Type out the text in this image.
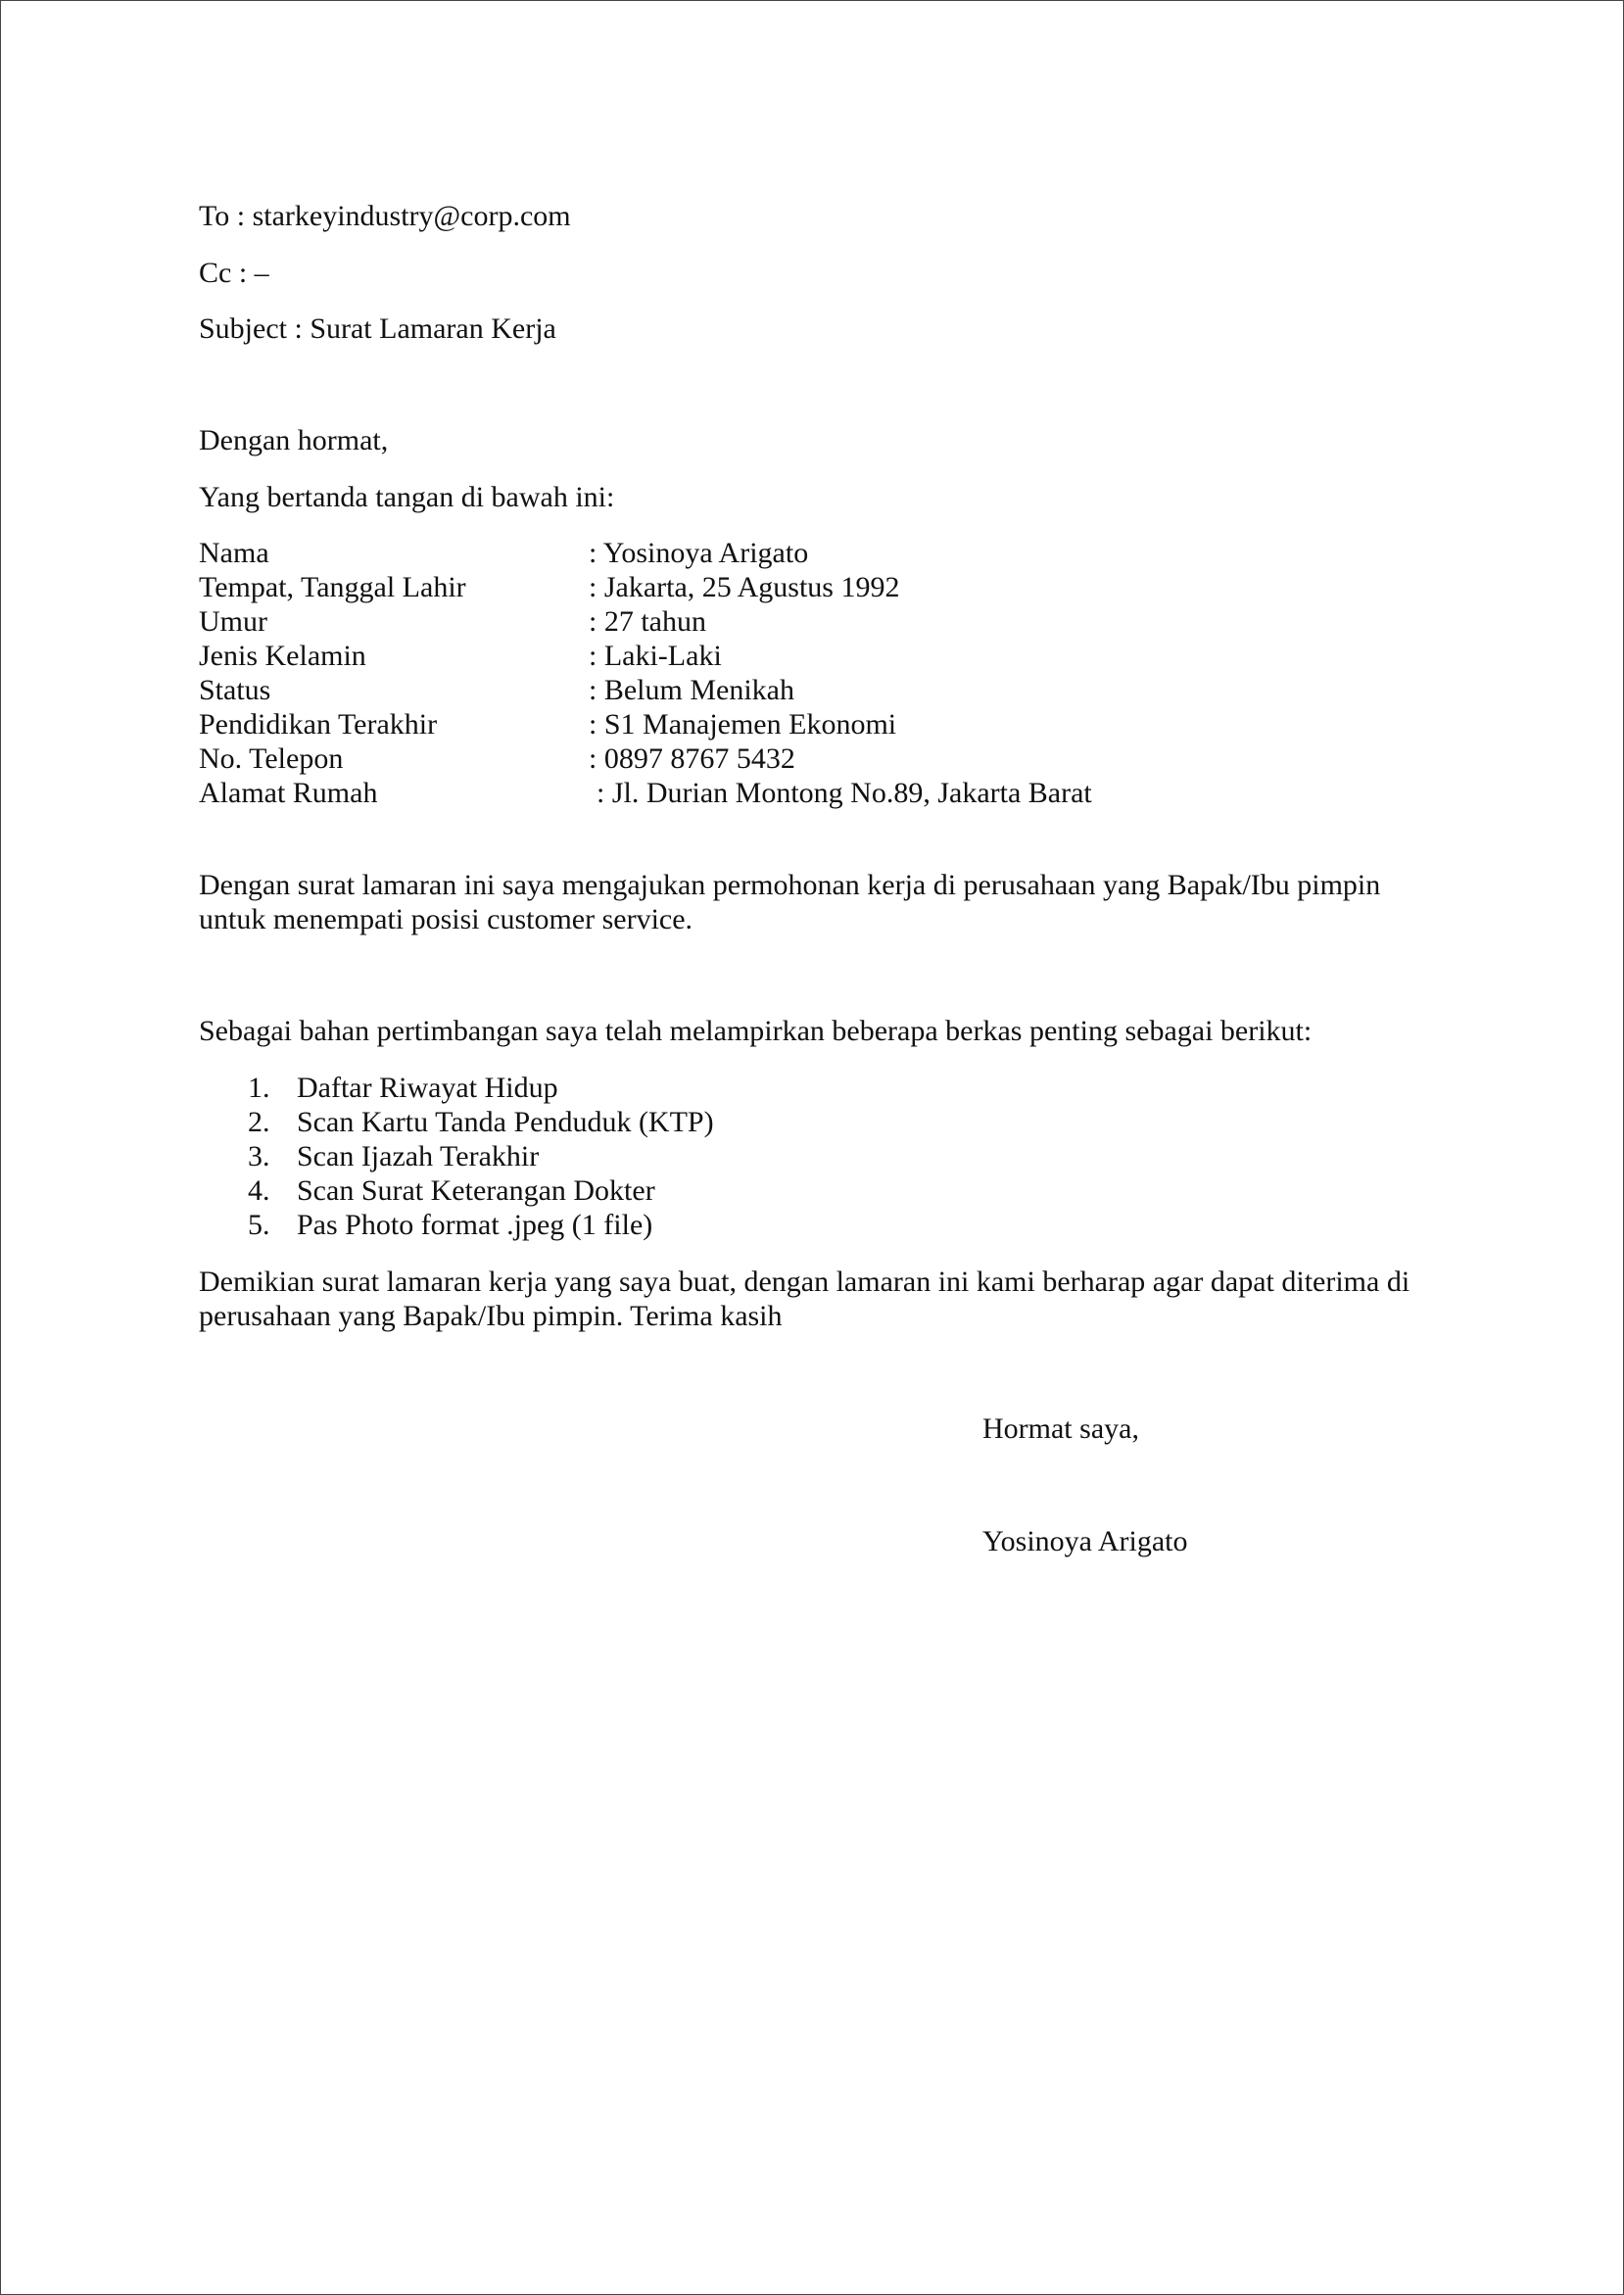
To : starkeyindustry@corp.com
Cc : –
Subject : Surat Lamaran Kerja
Dengan hormat,
Yang bertanda tangan di bawah ini:
Nama	: Yosinoya Arigato
Tempat, Tanggal Lahir	: Jakarta, 25 Agustus 1992
Umur	: 27 tahun
Jenis Kelamin	: Laki-Laki
Status	: Belum Menikah
Pendidikan Terakhir	: S1 Manajemen Ekonomi
No. Telepon	: 0897 8767 5432
Alamat Rumah	: Jl. Durian Montong No.89, Jakarta Barat
Dengan surat lamaran ini saya mengajukan permohonan kerja di perusahaan yang Bapak/Ibu pimpin untuk menempati posisi customer service.
Sebagai bahan pertimbangan saya telah melampirkan beberapa berkas penting sebagai berikut:
1. Daftar Riwayat Hidup
2. Scan Kartu Tanda Penduduk (KTP)
3. Scan Ijazah Terakhir
4. Scan Surat Keterangan Dokter
5. Pas Photo format .jpeg (1 file)
Demikian surat lamaran kerja yang saya buat, dengan lamaran ini kami berharap agar dapat diterima di perusahaan yang Bapak/Ibu pimpin. Terima kasih
Hormat saya,
Yosinoya Arigato
